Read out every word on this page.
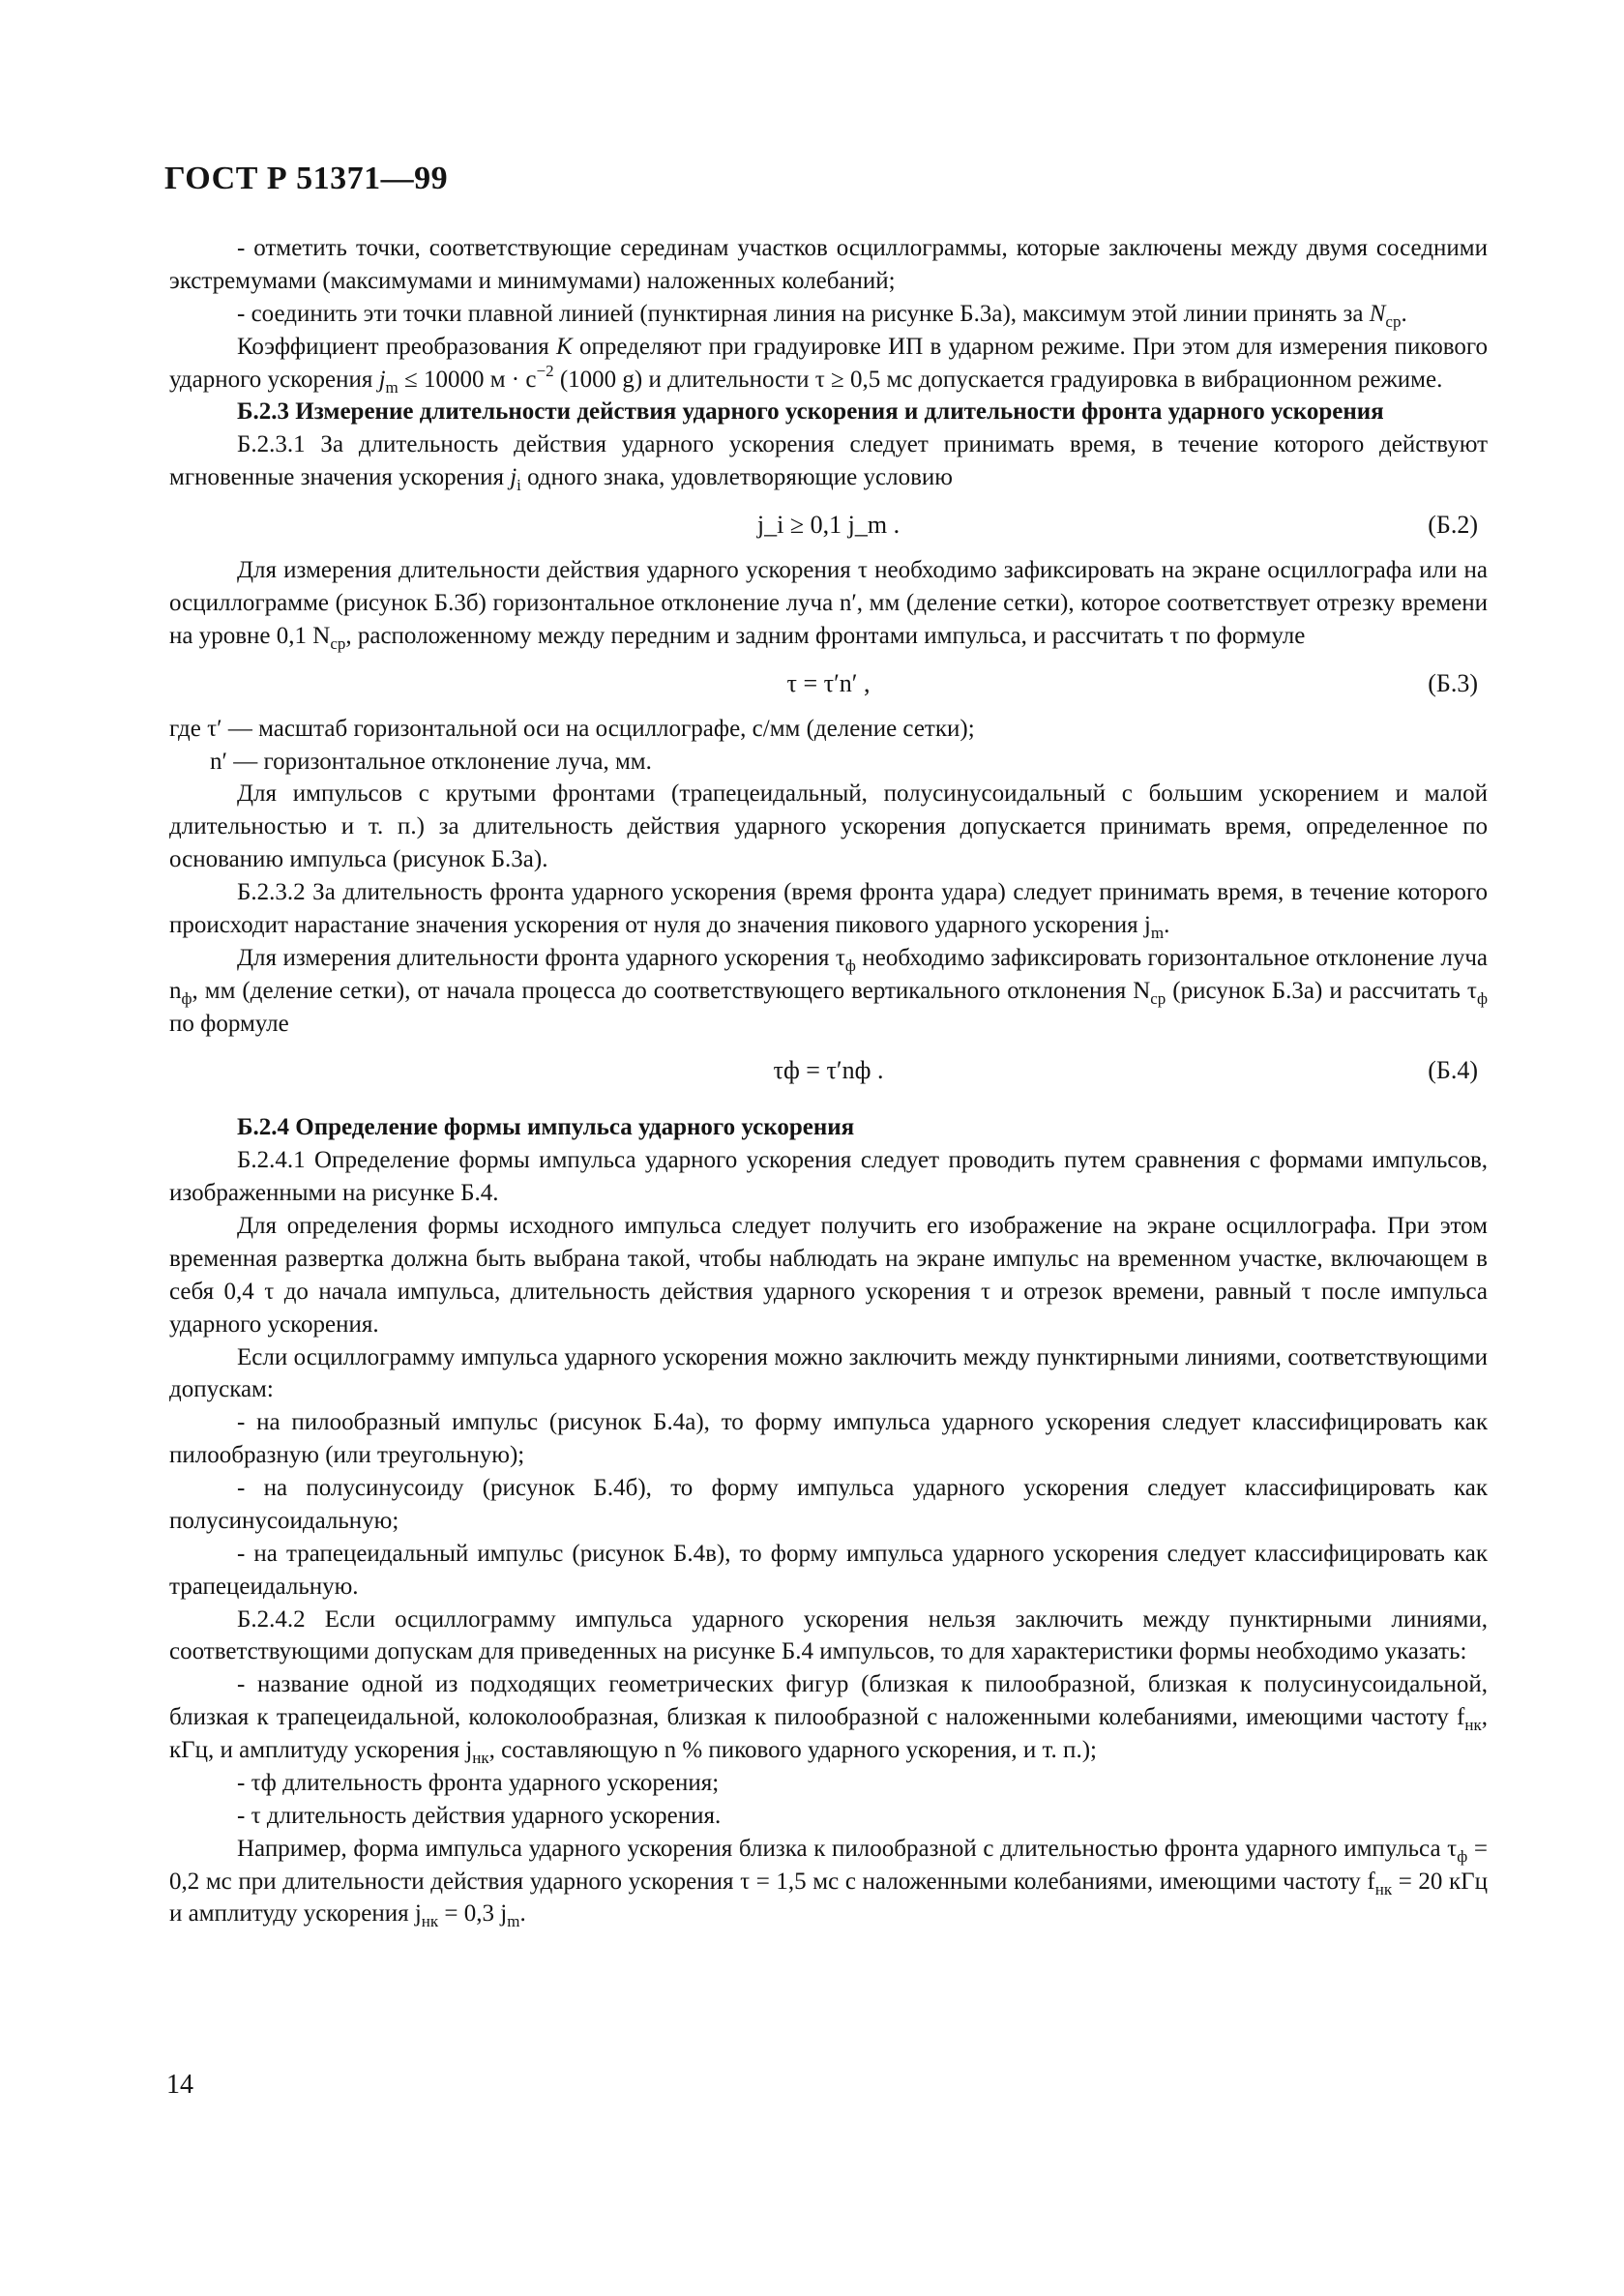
ГОСТ Р 51371—99

- отметить точки, соответствующие серединам участков осциллограммы, которые заключены между двумя соседними экстремумами (максимумами и минимумами) наложенных колебаний;

- соединить эти точки плавной линией (пунктирная линия на рисунке Б.3а), максимум этой линии принять за $N_{ср}$.

Коэффициент преобразования K определяют при градуировке ИП в ударном режиме. При этом для измерения пикового ударного ускорения $j_m \le 10000$ $м \cdot с^{-2}$ (1000 g) и длительности τ ≥ 0,5 мс допускается градуировка в вибрационном режиме.

Б.2.3 Измерение длительности действия ударного ускорения и длительности фронта ударного ускорения

Б.2.3.1 За длительность действия ударного ускорения следует принимать время, в течение которого действуют мгновенные значения ускорения $j_i$ одного знака, удовлетворяющие условию

j_i ≥ 0,1 j_m .	(Б.2)

Для измерения длительности действия ударного ускорения τ необходимо зафиксировать на экране осциллографа или на осциллограмме (рисунок Б.3б) горизонтальное отклонение луча n′, мм (деление сетки), которое соответствует отрезку времени на уровне 0,1 $N_{ср}$, расположенному между передним и задним фронтами импульса, и рассчитать τ по формуле

τ = τ′n′ ,	(Б.3)

где τ′ — масштаб горизонтальной оси на осциллографе, с/мм (деление сетки);

n′ — горизонтальное отклонение луча, мм.

Для импульсов с крутыми фронтами (трапецеидальный, полусинусоидальный с большим ускорением и малой длительностью и т. п.) за длительность действия ударного ускорения допускается принимать время, определенное по основанию импульса (рисунок Б.3а).

Б.2.3.2 За длительность фронта ударного ускорения (время фронта удара) следует принимать время, в течение которого происходит нарастание значения ускорения от нуля до значения пикового ударного ускорения $j_m$.

Для измерения длительности фронта ударного ускорения $\tau_ф$ необходимо зафиксировать горизонтальное отклонение луча $n_ф$, мм (деление сетки), от начала процесса до соответствующего вертикального отклонения $N_{ср}$ (рисунок Б.3а) и рассчитать $\tau_ф$ по формуле

τф = τ′nф .	(Б.4)

Б.2.4 Определение формы импульса ударного ускорения

Б.2.4.1 Определение формы импульса ударного ускорения следует проводить путем сравнения с формами импульсов, изображенными на рисунке Б.4.

Для определения формы исходного импульса следует получить его изображение на экране осциллографа. При этом временная развертка должна быть выбрана такой, чтобы наблюдать на экране импульс на временном участке, включающем в себя 0,4 τ до начала импульса, длительность действия ударного ускорения τ и отрезок времени, равный τ после импульса ударного ускорения.

Если осциллограмму импульса ударного ускорения можно заключить между пунктирными линиями, соответствующими допускам:

- на пилообразный импульс (рисунок Б.4а), то форму импульса ударного ускорения следует классифицировать как пилообразную (или треугольную);

- на полусинусоиду (рисунок Б.4б), то форму импульса ударного ускорения следует классифицировать как полусинусоидальную;

- на трапецеидальный импульс (рисунок Б.4в), то форму импульса ударного ускорения следует классифицировать как трапецеидальную.

Б.2.4.2 Если осциллограмму импульса ударного ускорения нельзя заключить между пунктирными линиями, соответствующими допускам для приведенных на рисунке Б.4 импульсов, то для характеристики формы необходимо указать:

- название одной из подходящих геометрических фигур (близкая к пилообразной, близкая к полусинусоидальной, близкая к трапецеидальной, колоколообразная, близкая к пилообразной с наложенными колебаниями, имеющими частоту $f_{нк}$, кГц, и амплитуду ускорения $j_{нк}$, составляющую n % пикового ударного ускорения, и т. п.);

- τф длительность фронта ударного ускорения;

- τ длительность действия ударного ускорения.

Например, форма импульса ударного ускорения близка к пилообразной с длительностью фронта ударного импульса $\tau_ф = 0,2$ мс при длительности действия ударного ускорения τ = 1,5 мс с наложенными колебаниями, имеющими частоту $f_{нк} = 20$ кГц и амплитуду ускорения $j_{нк} = 0,3$ $j_m$.

14
